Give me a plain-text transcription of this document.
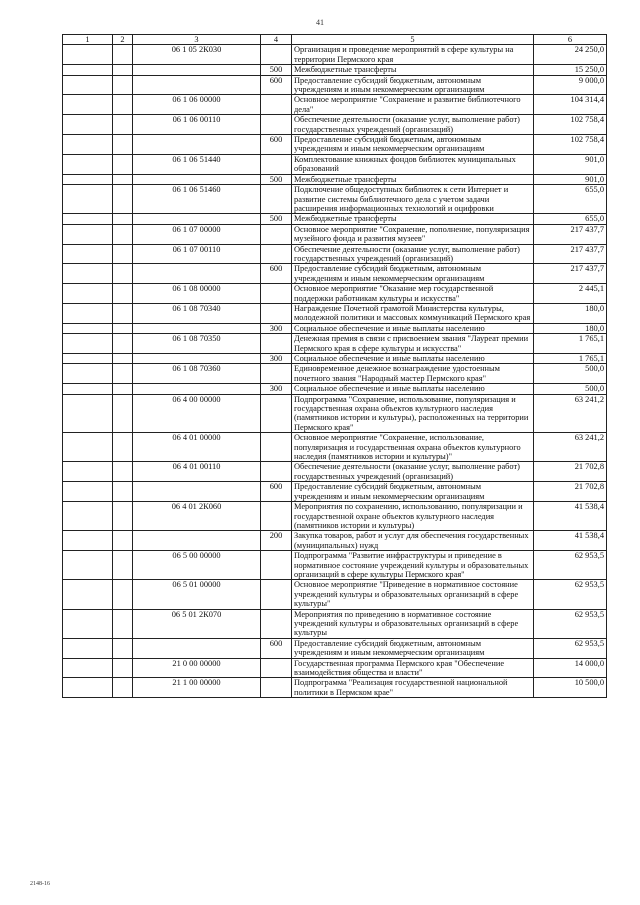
41
1	2	3	4	5	6
		06 1 05 2К030		Организация и проведение мероприятий в сфере культуры на территории Пермского края	24 250,0
			500	Межбюджетные трансферты	15 250,0
			600	Предоставление субсидий бюджетным, автономным учреждениям и иным некоммерческим организациям	9 000,0
		06 1 06 00000		Основное мероприятие "Сохранение и развитие библиотечного дела"	104 314,4
		06 1 06 00110		Обеспечение деятельности (оказание услуг, выполнение работ) государственных учреждений (организаций)	102 758,4
			600	Предоставление субсидий бюджетным, автономным учреждениям и иным некоммерческим организациям	102 758,4
		06 1 06 51440		Комплектование книжных фондов библиотек муниципальных образований	901,0
			500	Межбюджетные трансферты	901,0
		06 1 06 51460		Подключение общедоступных библиотек к сети Интернет и развитие системы библиотечного дела с учетом задачи расширения информационных технологий и оцифровки	655,0
			500	Межбюджетные трансферты	655,0
		06 1 07 00000		Основное мероприятие "Сохранение, пополнение, популяризация музейного фонда и развития музеев"	217 437,7
		06 1 07 00110		Обеспечение деятельности (оказание услуг, выполнение работ) государственных учреждений (организаций)	217 437,7
			600	Предоставление субсидий бюджетным, автономным учреждениям и иным некоммерческим организациям	217 437,7
		06 1 08 00000		Основное мероприятие "Оказание мер государственной поддержки работникам культуры и искусства"	2 445,1
		06 1 08 70340		Награждение Почетной грамотой Министерства культуры, молодежной политики и массовых коммуникаций Пермского края	180,0
			300	Социальное обеспечение и иные выплаты населению	180,0
		06 1 08 70350		Денежная премия в связи с присвоением звания "Лауреат премии Пермского края в сфере культуры и искусства"	1 765,1
			300	Социальное обеспечение и иные выплаты населению	1 765,1
		06 1 08 70360		Единовременное денежное вознаграждение удостоенным почетного звания "Народный мастер Пермского края"	500,0
			300	Социальное обеспечение и иные выплаты населению	500,0
		06 4 00 00000		Подпрограмма "Сохранение, использование, популяризация и государственная охрана объектов культурного наследия (памятников истории и культуры), расположенных на территории Пермского края"	63 241,2
		06 4 01 00000		Основное мероприятие "Сохранение, использование, популяризация и государственная охрана объектов культурного наследия (памятников истории и культуры)"	63 241,2
		06 4 01 00110		Обеспечение деятельности (оказание услуг, выполнение работ) государственных учреждений (организаций)	21 702,8
			600	Предоставление субсидий бюджетным, автономным учреждениям и иным некоммерческим организациям	21 702,8
		06 4 01 2К060		Мероприятия по сохранению, использованию, популяризации и государственной охране объектов культурного наследия (памятников истории и культуры)	41 538,4
			200	Закупка товаров, работ и услуг для обеспечения государственных (муниципальных) нужд	41 538,4
		06 5 00 00000		Подпрограмма "Развитие инфраструктуры и приведение в нормативное состояние учреждений культуры и образовательных организаций в сфере культуры Пермского края"	62 953,5
		06 5 01 00000		Основное мероприятие "Приведение в нормативное состояние учреждений культуры и образовательных организаций в сфере культуры"	62 953,5
		06 5 01 2К070		Мероприятия по приведению в нормативное состояние учреждений культуры и образовательных организаций в сфере культуры	62 953,5
			600	Предоставление субсидий бюджетным, автономным учреждениям и иным некоммерческим организациям	62 953,5
		21 0 00 00000		Государственная программа Пермского края "Обеспечение взаимодействия общества и власти"	14 000,0
		21 1 00 00000		Подпрограмма "Реализация государственной национальной политики в Пермском крае"	10 500,0
2148-16
